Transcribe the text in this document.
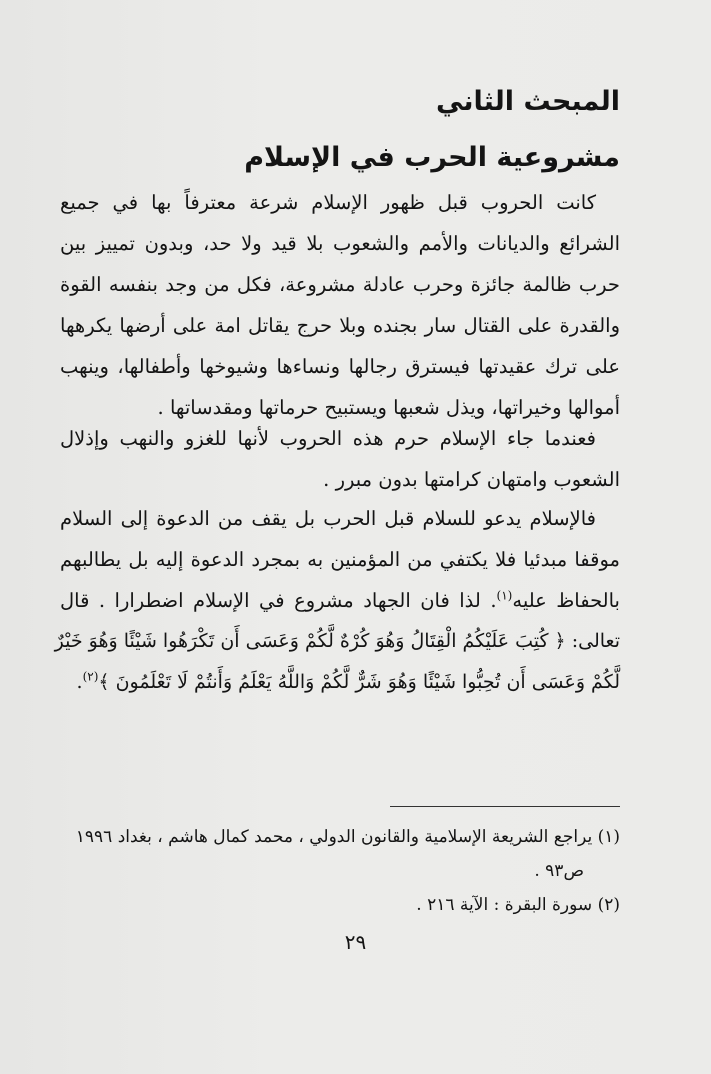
المبحث الثاني
مشروعية الحرب في الإسلام
كانت الحروب قبل ظهور الإسلام شرعة معترفاً بها في جميع
الشرائع والديانات والأمم والشعوب بلا قيد ولا حد، وبدون تمييز بين
حرب ظالمة جائزة وحرب عادلة مشروعة، فكل من وجد بنفسه القوة
والقدرة على القتال سار بجنده وبلا حرج يقاتل امة على أرضها يكرهها
على ترك عقيدتها فيسترق رجالها ونساءها وشيوخها وأطفالها، وينهب
أموالها وخيراتها، ويذل شعبها ويستبيح حرماتها ومقدساتها .
فعندما جاء الإسلام حرم هذه الحروب لأنها للغزو والنهب وإذلال
الشعوب وامتهان كرامتها بدون مبرر .
فالإسلام يدعو للسلام قبل الحرب بل يقف من الدعوة إلى السلام
موقفا مبدئيا فلا يكتفي من المؤمنين به بمجرد الدعوة إليه بل يطالبهم
بالحفاظ عليه$^{(١)}$. لذا فان الجهاد مشروع في الإسلام اضطرارا . قال
تعالى: ﴿ كُتِبَ عَلَيْكُمُ الْقِتَالُ وَهُوَ كُرْهٌ لَّكُمْ وَعَسَى أَن تَكْرَهُوا شَيْئًا وَهُوَ خَيْرٌ
لَّكُمْ وَعَسَى أَن تُحِبُّوا شَيْئًا وَهُوَ شَرٌّ لَّكُمْ وَاللَّهُ يَعْلَمُ وَأَنتُمْ لَا تَعْلَمُونَ ﴾$^{(٢)}$.
(١) يراجع الشريعة الإسلامية والقانون الدولي ، محمد كمال هاشم ، بغداد ١٩٩٦
ص٩٣ .
(٢) سورة البقرة : الآية ٢١٦ .
٢٩
